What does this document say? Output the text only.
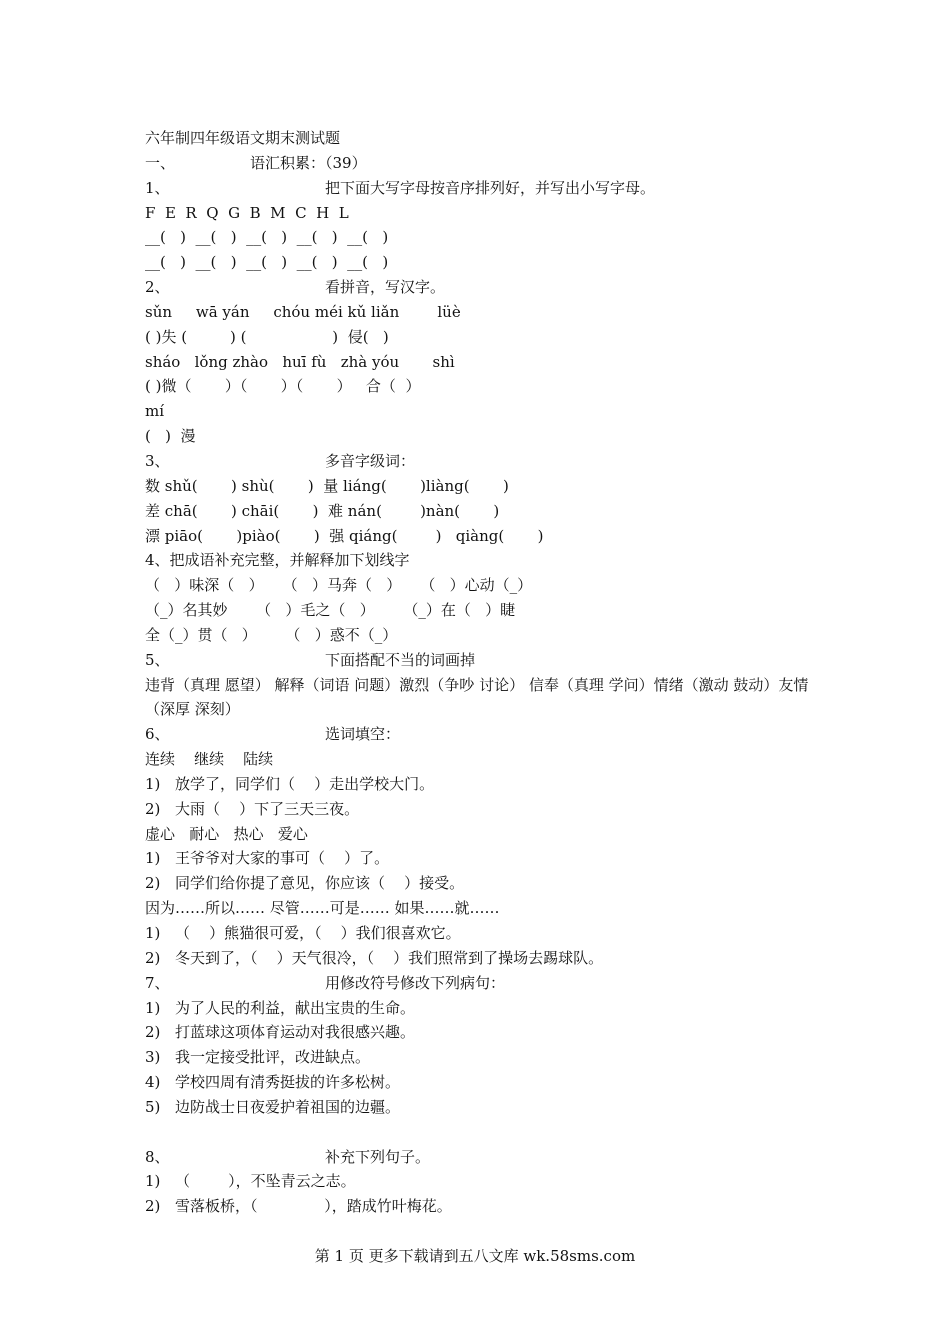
六年制四年级语文期末测试题
一、	语汇积累：（39）
1、	把下面大写字母按音序排列好，并写出小写字母。
F  E  R  Q  G  B  M  C  H  L
__(   )  __(   )  __(   )  __(   )  __(   )
__(   )  __(   )  __(   )  __(   )  __(   )
2、	看拼音，写汉字。
sǔn     wā yán     chóu méi kǔ liǎn        lüè
( )失 (         ) (                  )  侵(   )
sháo   lǒng zhào   huī fù   zhà yóu       shì
( )微（       ）（       ）（       ）   合（  ）
mí
(   )  漫
3、	多音字级词：
数 shǔ(       ) shù(       )  量 liáng(       )liàng(       )
差 chā(       ) chāi(       )  难 nán(        )nàn(       )
漂 piāo(       )piào(       )  强 qiáng(        )   qiàng(       )
4、把成语补充完整，并解释加下划线字
（   ）味深（   ）    （   ）马奔（   ）    （   ）心动（_）
（_）名其妙      （   ）毛之（   ）      （_）在（   ）睫
全（_）贯（   ）      （   ）惑不（_）
5、	下面搭配不当的词画掉
违背（真理 愿望） 解释（词语 问题）激烈（争吵 讨论） 信奉（真理 学问）情绪（激动 鼓动）友情（深厚 深刻）
6、	选词填空：
连续    继续    陆续
1) 放学了，同学们（    ）走出学校大门。
2) 大雨（    ）下了三天三夜。
虚心   耐心   热心   爱心
1) 王爷爷对大家的事可（    ）了。
2) 同学们给你提了意见，你应该（    ）接受。
因为……所以…… 尽管……可是…… 如果……就……
1) （    ）熊猫很可爱，（    ）我们很喜欢它。
2) 冬天到了，（    ）天气很冷，（    ）我们照常到了操场去踢球队。
7、	用修改符号修改下列病句：
1) 为了人民的利益，献出宝贵的生命。
2) 打蓝球这项体育运动对我很感兴趣。
3) 我一定接受批评，改进缺点。
4) 学校四周有清秀挺拔的许多松树。
5) 边防战士日夜爱护着祖国的边疆。
8、	补充下列句子。
1) （        ），不坠青云之志。
2) 雪落板桥，（              ），踏成竹叶梅花。
第 1 页 更多下载请到五八文库 wk.58sms.com
